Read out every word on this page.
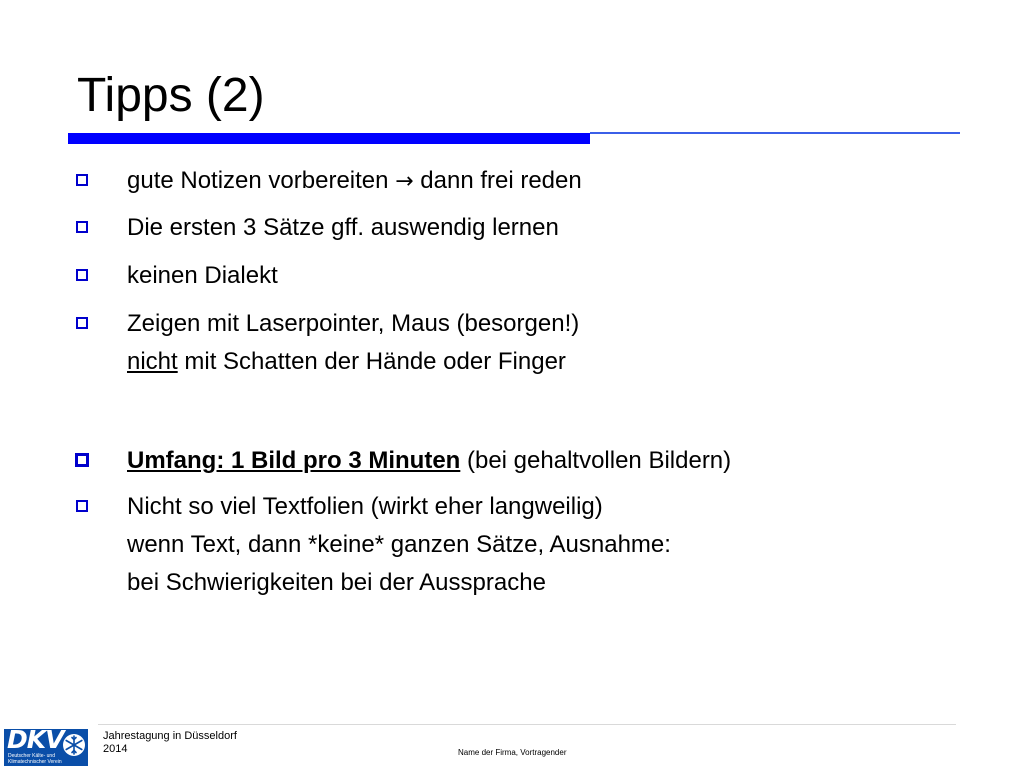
Tipps (2)
gute Notizen vorbereiten → dann frei reden
Die ersten 3 Sätze gff. auswendig lernen
keinen Dialekt
Zeigen mit Laserpointer, Maus (besorgen!)
nicht mit Schatten der Hände oder Finger
Umfang: 1 Bild pro 3 Minuten (bei gehaltvollen Bildern)
Nicht so viel Textfolien (wirkt eher langweilig)
wenn Text, dann *keine* ganzen Sätze, Ausnahme:
bei Schwierigkeiten bei der Aussprache
DKV
Deutscher Kälte- und
Klimatechnischer Verein
Jahrestagung in Düsseldorf
2014	Name der Firma, Vortragender
